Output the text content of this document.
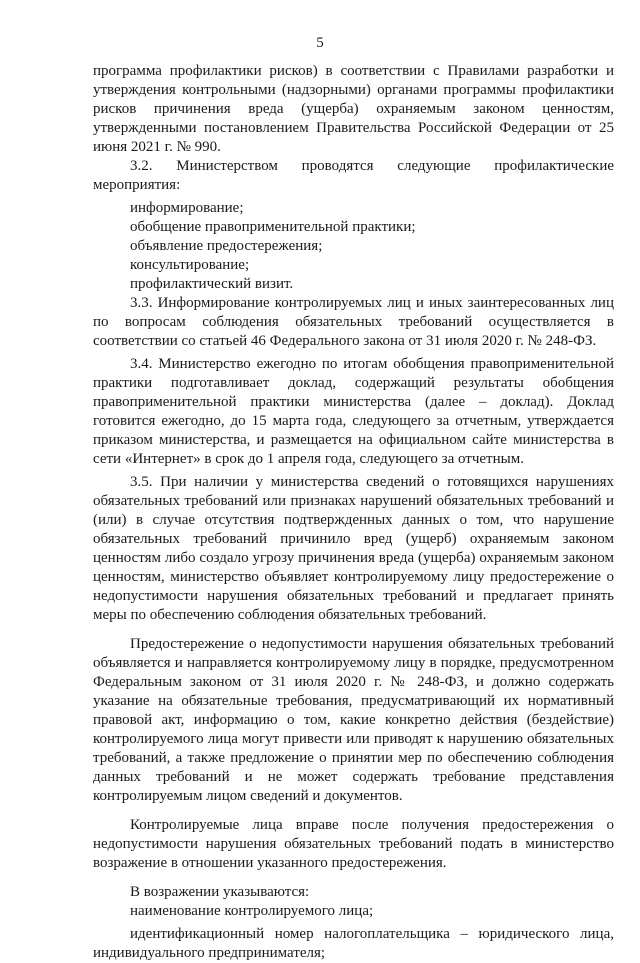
5

программа профилактики рисков) в соответствии с Правилами разработки и утверждения контрольными (надзорными) органами программы профилактики рисков причинения вреда (ущерба) охраняемым законом ценностям, утвержденными постановлением Правительства Российской Федерации от 25 июня 2021 г. № 990.

3.2. Министерством проводятся следующие профилактические мероприятия:

информирование;

обобщение правоприменительной практики;

объявление предостережения;

консультирование;

профилактический визит.

3.3. Информирование контролируемых лиц и иных заинтересованных лиц по вопросам соблюдения обязательных требований осуществляется в соответствии со статьей 46 Федерального закона от 31 июля 2020 г. № 248-ФЗ.

3.4. Министерство ежегодно по итогам обобщения правоприменительной практики подготавливает доклад, содержащий результаты обобщения правоприменительной практики министерства (далее – доклад). Доклад готовится ежегодно, до 15 марта года, следующего за отчетным, утверждается приказом министерства, и размещается на официальном сайте министерства в сети «Интернет» в срок до 1 апреля года, следующего за отчетным.

3.5. При наличии у министерства сведений о готовящихся нарушениях обязательных требований или признаках нарушений обязательных требований и (или) в случае отсутствия подтвержденных данных о том, что нарушение обязательных требований причинило вред (ущерб) охраняемым законом ценностям либо создало угрозу причинения вреда (ущерба) охраняемым законом ценностям, министерство объявляет контролируемому лицу предостережение о недопустимости нарушения обязательных требований и предлагает принять меры по обеспечению соблюдения обязательных требований.

Предостережение о недопустимости нарушения обязательных требований объявляется и направляется контролируемому лицу в порядке, предусмотренном Федеральным законом от 31 июля 2020 г. № 248-ФЗ, и должно содержать указание на обязательные требования, предусматривающий их нормативный правовой акт, информацию о том, какие конкретно действия (бездействие) контролируемого лица могут привести или приводят к нарушению обязательных требований, а также предложение о принятии мер по обеспечению соблюдения данных требований и не может содержать требование представления контролируемым лицом сведений и документов.

Контролируемые лица вправе после получения предостережения о недопустимости нарушения обязательных требований подать в министерство возражение в отношении указанного предостережения.

В возражении указываются:

наименование контролируемого лица;

идентификационный номер налогоплательщика – юридического лица, индивидуального предпринимателя;
